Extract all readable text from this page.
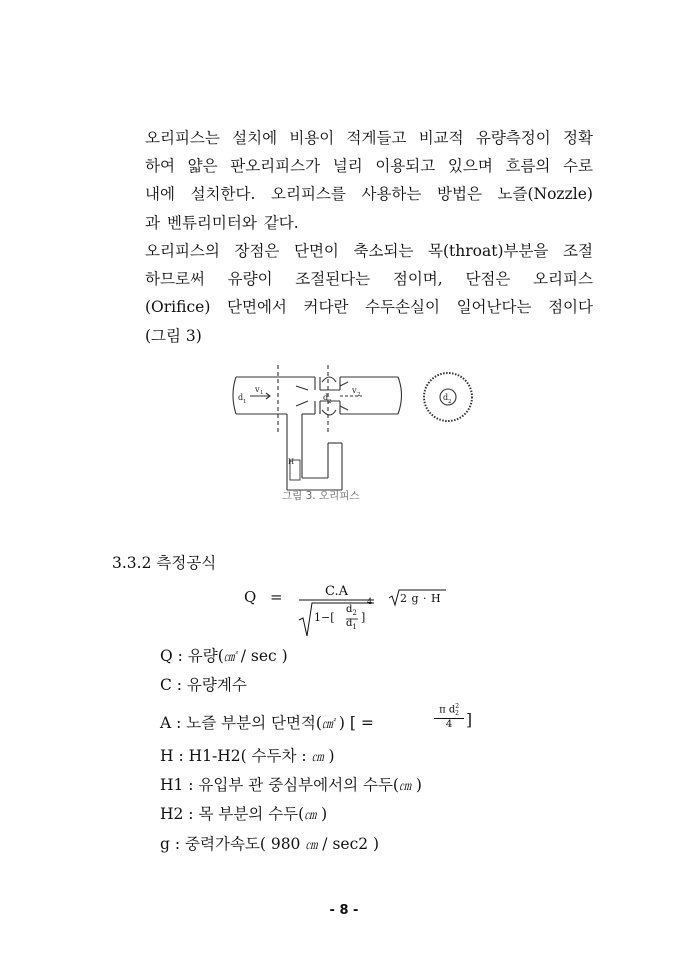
오리피스는 설치에 비용이 적게들고 비교적 유량측정이 정확
하여 얇은 판오리피스가 널리 이용되고 있으며 흐름의 수로
내에 설치한다. 오리피스를 사용하는 방법은 노즐(Nozzle)
과 벤튜리미터와 같다.
오리피스의 장점은 단면이 축소되는 목(throat)부분을 조절
하므로써 유량이 조절된다는 점이며, 단점은 오리피스
(Orifice) 단면에서 커다란 수두손실이 일어난다는 점이다
(그림 3)
d 1
v 1	d 2
v 2
H
d 2
그림 3. 오리피스
3.3.2 측정공식
Q =	C.A
1−[
$d_2$
$d_1$
]
4	2 g · H
Q : 유량(㎤ / sec )
C : 유량계수
A : 노즐 부분의 단면적(㎠ ) [ =
H : H1-H2( 수두차 : ㎝ )
H1 : 유입부 관 중심부에서의 수두(㎝ )
H2 : 목 부분의 수두(㎝ )
g : 중력가속도( 980 ㎝ / sec2 )
π $d^2_2$
4 ]
- 8 -
